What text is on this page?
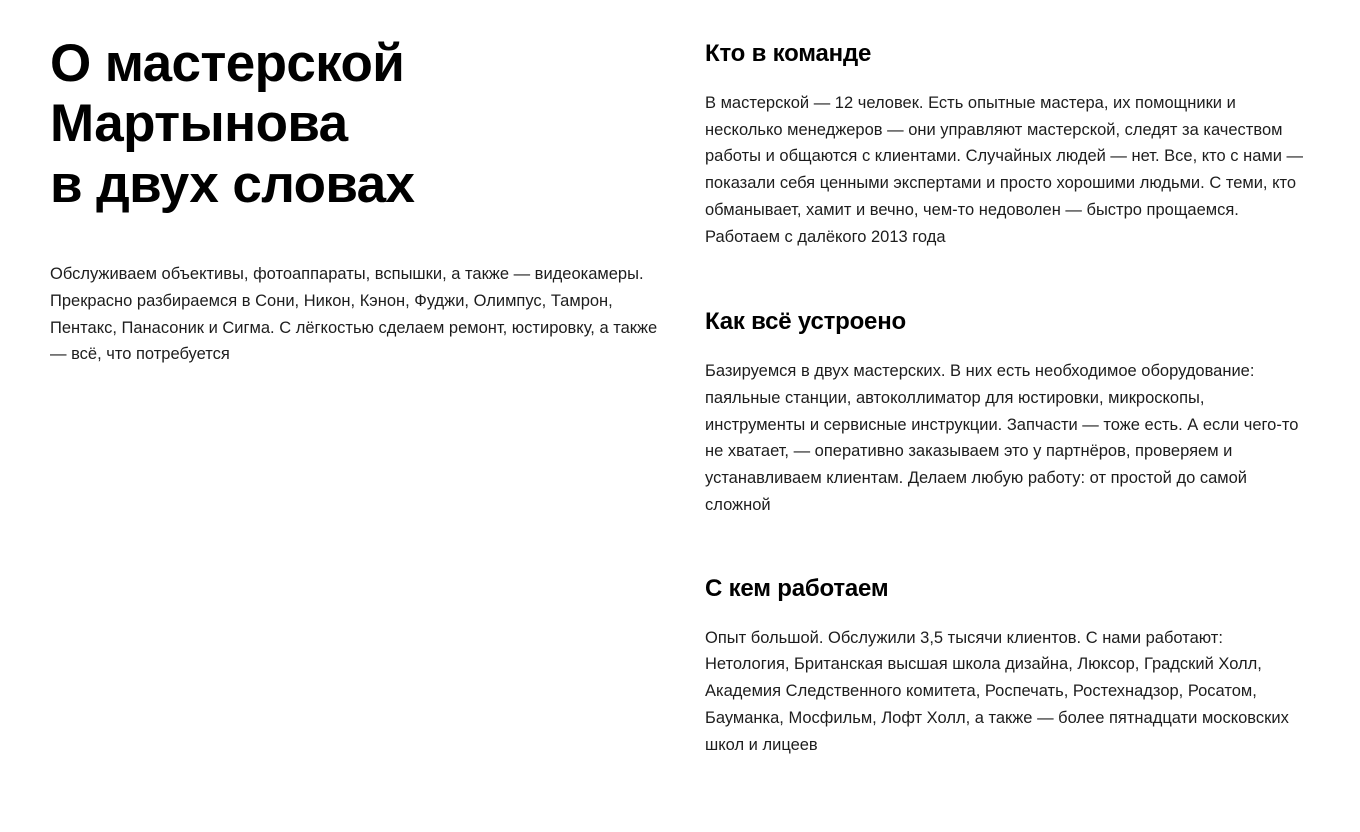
О мастерской
Мартынова
в двух словах

Обслуживаем объективы, фотоаппараты, вспышки, а также — видеокамеры. Прекрасно разбираемся в Сони, Никон, Кэнон, Фуджи, Олимпус, Тамрон, Пентакс, Панасоник и Сигма. С лёгкостью сделаем ремонт, юстировку, а также — всё, что потребуется

Кто в команде

В мастерской — 12 человек. Есть опытные мастера, их помощники и несколько менеджеров — они управляют мастерской, следят за качеством работы и общаются с клиентами. Случайных людей — нет. Все, кто с нами — показали себя ценными экспертами и просто хорошими людьми. С теми, кто обманывает, хамит и вечно, чем-то недоволен — быстро прощаемся. Работаем с далёкого 2013 года

Как всё устроено

Базируемся в двух мастерских. В них есть необходимое оборудование: паяльные станции, автоколлиматор для юстировки, микроскопы, инструменты и сервисные инструкции. Запчасти — тоже есть. А если чего-то не хватает, — оперативно заказываем это у партнёров, проверяем и устанавливаем клиентам. Делаем любую работу: от простой до самой сложной

С кем работаем

Опыт большой. Обслужили 3,5 тысячи клиентов. С нами работают: Нетология, Британская высшая школа дизайна, Люксор, Градский Холл, Академия Следственного комитета, Роспечать, Ростехнадзор, Росатом, Бауманка, Мосфильм, Лофт Холл, а также — более пятнадцати московских школ и лицеев
